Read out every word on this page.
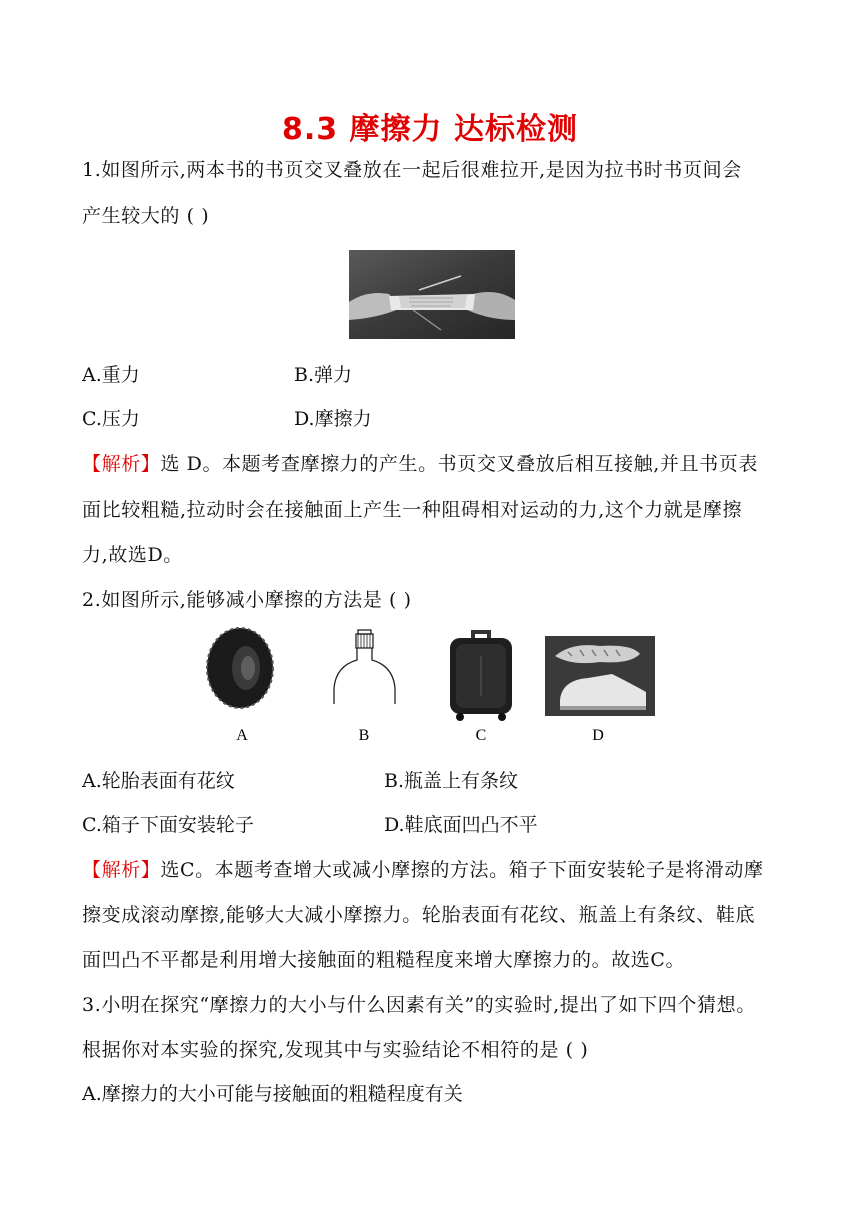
8.3 摩擦力 达标检测
1.如图所示,两本书的书页交叉叠放在一起后很难拉开,是因为拉书时书页间会
产生较大的 ( )
A.重力	B.弹力
C.压力	D.摩擦力
【解析】选 D。本题考查摩擦力的产生。书页交叉叠放后相互接触,并且书页表
面比较粗糙,拉动时会在接触面上产生一种阻碍相对运动的力,这个力就是摩擦
力,故选D。
2.如图所示,能够减小摩擦的方法是 ( )
A	B	C	D
A.轮胎表面有花纹	B.瓶盖上有条纹
C.箱子下面安装轮子	D.鞋底面凹凸不平
【解析】选C。本题考查增大或减小摩擦的方法。箱子下面安装轮子是将滑动摩
擦变成滚动摩擦,能够大大减小摩擦力。轮胎表面有花纹、瓶盖上有条纹、鞋底
面凹凸不平都是利用增大接触面的粗糙程度来增大摩擦力的。故选C。
3.小明在探究“摩擦力的大小与什么因素有关”的实验时,提出了如下四个猜想。
根据你对本实验的探究,发现其中与实验结论不相符的是 ( )
A.摩擦力的大小可能与接触面的粗糙程度有关
